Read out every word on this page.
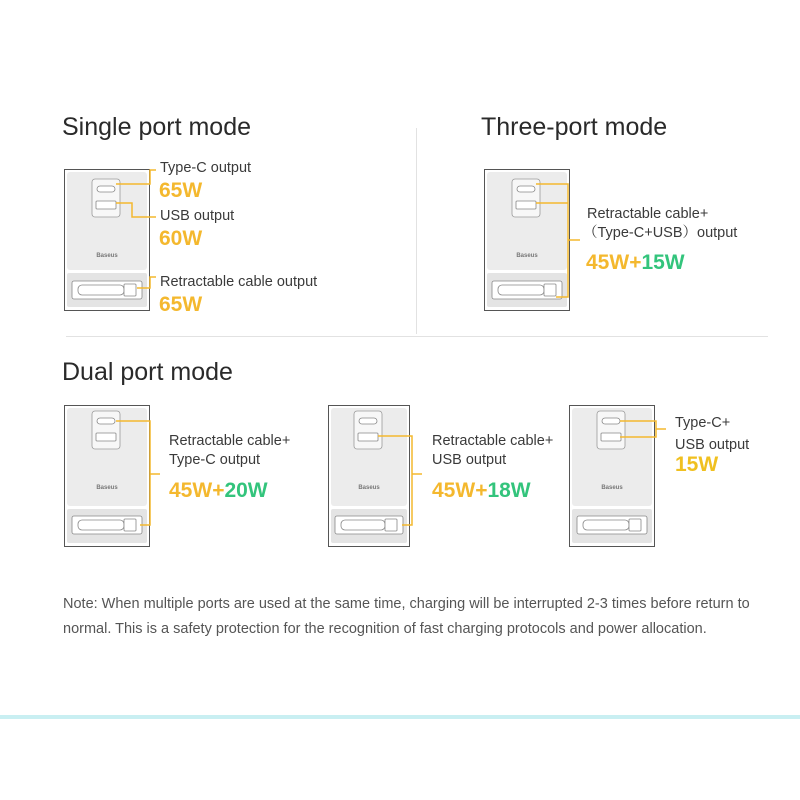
Single port mode
Baseus
Type-C output
65W
USB output
60W
Retractable cable output
65W
Three-port mode
Baseus
Retractable cable+
（Type-C+USB）output
45W+15W
Dual port mode
Baseus	Baseus	Baseus
Retractable cable+
Type-C output
45W+20W
Retractable cable+
USB output
45W+18W
Type-C+
USB output
15W
Note: When multiple ports are used at the same time, charging will be interrupted 2-3 times before return to normal. This is a safety protection for the recognition of fast charging protocols and power allocation.
